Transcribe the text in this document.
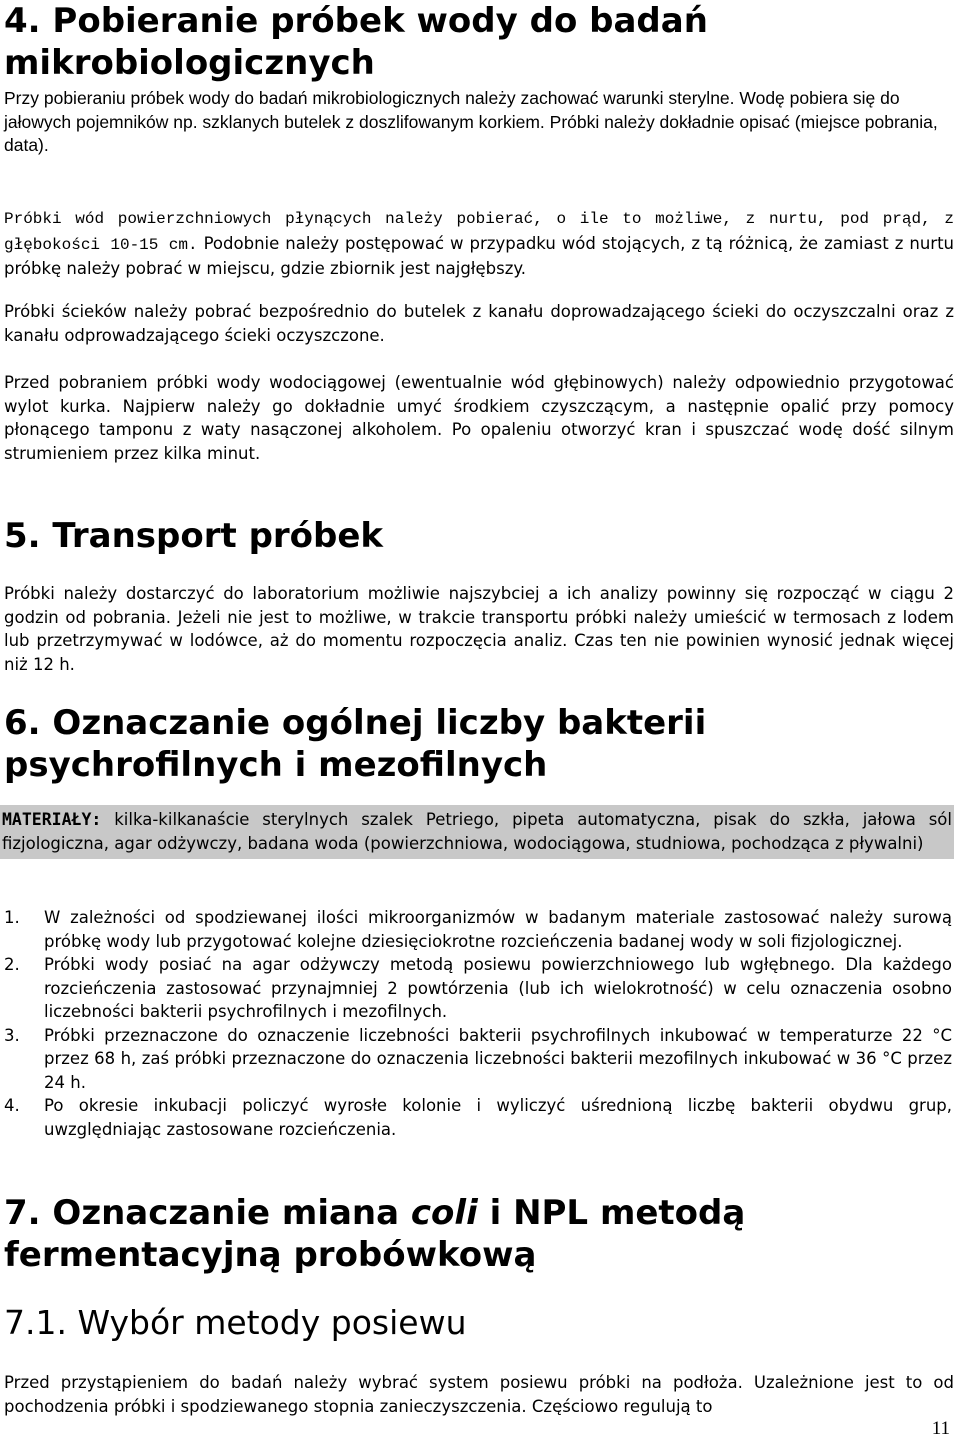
4. Pobieranie próbek wody do badań mikrobiologicznych

Przy pobieraniu próbek wody do badań mikrobiologicznych należy zachować warunki sterylne. Wodę pobiera się do jałowych pojemników np. szklanych butelek z doszlifowanym korkiem. Próbki należy dokładnie opisać (miejsce pobrania, data).

Próbki wód powierzchniowych płynących należy pobierać, o ile to możliwe, z nurtu, pod prąd, z głębokości 10-15 cm. Podobnie należy postępować w przypadku wód stojących, z tą różnicą, że zamiast z nurtu próbkę należy pobrać w miejscu, gdzie zbiornik jest najgłębszy.

Próbki ścieków należy pobrać bezpośrednio do butelek z kanału doprowadzającego ścieki do oczyszczalni oraz z kanału odprowadzającego ścieki oczyszczone.

Przed pobraniem próbki wody wodociągowej (ewentualnie wód głębinowych) należy odpowiednio przygotować wylot kurka. Najpierw należy go dokładnie umyć środkiem czyszczącym, a następnie opalić przy pomocy płonącego tamponu z waty nasączonej alkoholem. Po opaleniu otworzyć kran i spuszczać wodę dość silnym strumieniem przez kilka minut.

5. Transport próbek

Próbki należy dostarczyć do laboratorium możliwie najszybciej a ich analizy powinny się rozpocząć w ciągu 2 godzin od pobrania. Jeżeli nie jest to możliwe, w trakcie transportu próbki należy umieścić w termosach z lodem lub przetrzymywać w lodówce, aż do momentu rozpoczęcia analiz. Czas ten nie powinien wynosić jednak więcej niż 12 h.

6. Oznaczanie ogólnej liczby bakterii psychrofilnych i mezofilnych
MATERIAŁY: kilka-kilkanaście sterylnych szalek Petriego, pipeta automatyczna, pisak do szkła, jałowa sól fizjologiczna, agar odżywczy, badana woda (powierzchniowa, wodociągowa, studniowa, pochodząca z pływalni)
1. W zależności od spodziewanej ilości mikroorganizmów w badanym materiale zastosować należy surową próbkę wody lub przygotować kolejne dziesięciokrotne rozcieńczenia badanej wody w soli fizjologicznej.
2. Próbki wody posiać na agar odżywczy metodą posiewu powierzchniowego lub wgłębnego. Dla każdego rozcieńczenia zastosować przynajmniej 2 powtórzenia (lub ich wielokrotność) w celu oznaczenia osobno liczebności bakterii psychrofilnych i mezofilnych.
3. Próbki przeznaczone do oznaczenie liczebności bakterii psychrofilnych inkubować w temperaturze 22 °C przez 68 h, zaś próbki przeznaczone do oznaczenia liczebności bakterii mezofilnych inkubować w 36 °C przez 24 h.
4. Po okresie inkubacji policzyć wyrosłe kolonie i wyliczyć uśrednioną liczbę bakterii obydwu grup, uwzględniając zastosowane rozcieńczenia.
7. Oznaczanie miana coli i NPL metodą fermentacyjną probówkową
7.1. Wybór metody posiewu

Przed przystąpieniem do badań należy wybrać system posiewu próbki na podłoża. Uzależnione jest to od pochodzenia próbki i spodziewanego stopnia zanieczyszczenia. Częściowo regulują to

11
